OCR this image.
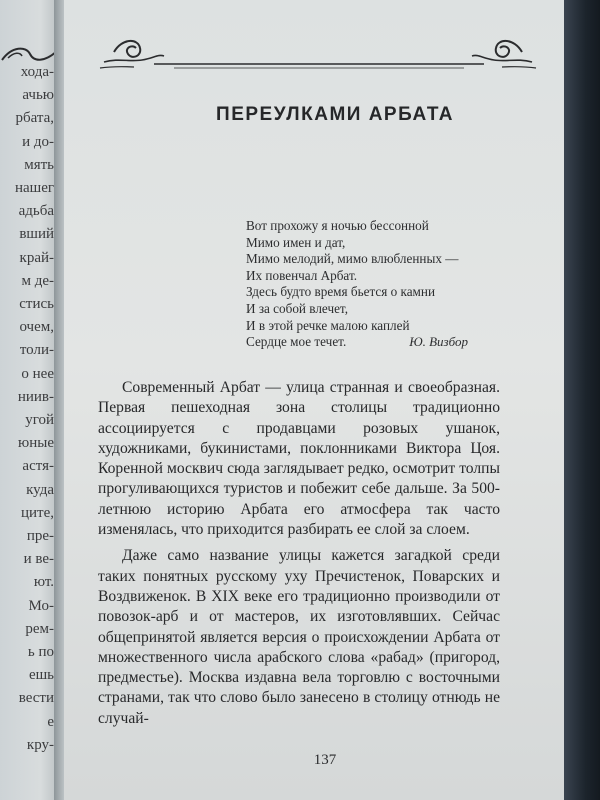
хода-
ачью
рбата,
и до-
мять
нашег
адьба
вший
край-
м де-
стись
очем,
толи-
о нее
ниив-
угой
юные
астя-
куда
ците,
пре-
и ве-
ют.
Мо-
рем-
ь по
ешь
вести
е
кру-
ПЕРЕУЛКАМИ АРБАТА
Вот прохожу я ночью бессонной
Мимо имен и дат,
Мимо мелодий, мимо влюбленных —
Их повенчал Арбат.
Здесь будто время бьется о камни
И за собой влечет,
И в этой речке малою каплей
Сердце мое течет.	Ю. Визбор
Современный Арбат — улица странная и своеобразная. Первая пешеходная зона столицы традиционно ассоциируется с продавцами розовых ушанок, художниками, букинистами, поклонниками Виктора Цоя. Коренной москвич сюда заглядывает редко, осмотрит толпы прогуливающихся туристов и побежит себе дальше. За 500-летнюю историю Арбата его атмосфера так часто изменялась, что приходится разбирать ее слой за слоем.
Даже само название улицы кажется загадкой среди таких понятных русскому уху Пречистенок, Поварских и Воздвиженок. В XIX веке его традиционно производили от повозок-арб и от мастеров, их изготовлявших. Сейчас общепринятой является версия о происхождении Арбата от множественного числа арабского слова «рабад» (пригород, предместье). Москва издавна вела торговлю с восточными странами, так что слово было занесено в столицу отнюдь не случай-
137
